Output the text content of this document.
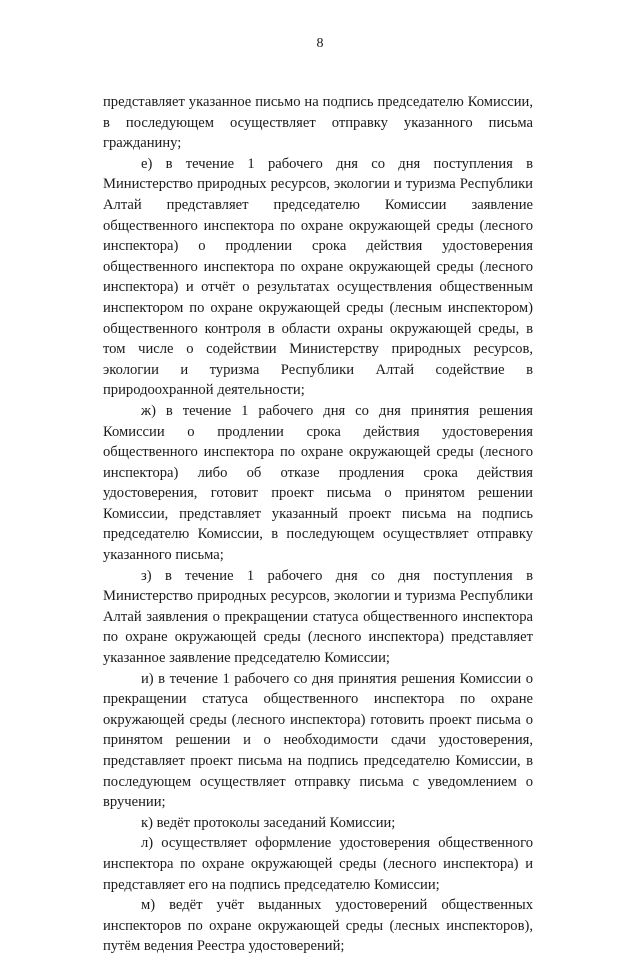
8

представляет указанное письмо на подпись председателю Комиссии, в последующем осуществляет отправку указанного письма гражданину;

е) в течение 1 рабочего дня со дня поступления в Министерство природных ресурсов, экологии и туризма Республики Алтай представляет председателю Комиссии заявление общественного инспектора по охране окружающей среды (лесного инспектора) о продлении срока действия удостоверения общественного инспектора по охране окружающей среды (лесного инспектора) и отчёт о результатах осуществления общественным инспектором по охране окружающей среды (лесным инспектором) общественного контроля в области охраны окружающей среды, в том числе о содействии Министерству природных ресурсов, экологии и туризма Республики Алтай содействие в природоохранной деятельности;

ж) в течение 1 рабочего дня со дня принятия решения Комиссии о продлении срока действия удостоверения общественного инспектора по охране окружающей среды (лесного инспектора) либо об отказе продления срока действия удостоверения, готовит проект письма о принятом решении Комиссии, представляет указанный проект письма на подпись председателю Комиссии, в последующем осуществляет отправку указанного письма;

з) в течение 1 рабочего дня со дня поступления в Министерство природных ресурсов, экологии и туризма Республики Алтай заявления о прекращении статуса общественного инспектора по охране окружающей среды (лесного инспектора) представляет указанное заявление председателю Комиссии;

и) в течение 1 рабочего со дня принятия решения Комиссии о прекращении статуса общественного инспектора по охране окружающей среды (лесного инспектора) готовить проект письма о принятом решении и о необходимости сдачи удостоверения, представляет проект письма на подпись председателю Комиссии, в последующем осуществляет отправку письма с уведомлением о вручении;

к) ведёт протоколы заседаний Комиссии;

л) осуществляет оформление удостоверения общественного инспектора по охране окружающей среды (лесного инспектора) и представляет его на подпись председателю Комиссии;

м) ведёт учёт выданных удостоверений общественных инспекторов по охране окружающей среды (лесных инспекторов), путём ведения Реестра удостоверений;
